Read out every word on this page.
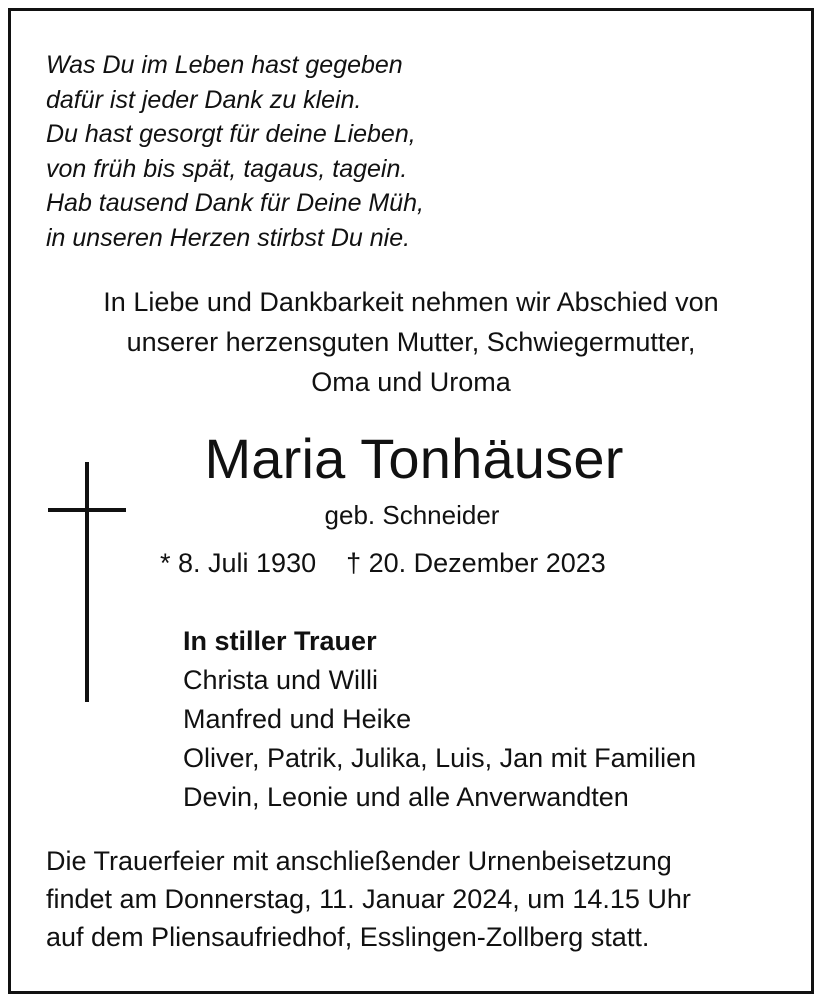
Was Du im Leben hast gegeben
dafür ist jeder Dank zu klein.
Du hast gesorgt für deine Lieben,
von früh bis spät, tagaus, tagein.
Hab tausend Dank für Deine Müh,
in unseren Herzen stirbst Du nie.
In Liebe und Dankbarkeit nehmen wir Abschied von
unserer herzensguten Mutter, Schwiegermutter,
Oma und Uroma
Maria Tonhäuser
geb. Schneider
* 8. Juli 1930 † 20. Dezember 2023
In stiller Trauer
Christa und Willi
Manfred und Heike
Oliver, Patrik, Julika, Luis, Jan mit Familien
Devin, Leonie und alle Anverwandten
Die Trauerfeier mit anschließender Urnenbeisetzung
findet am Donnerstag, 11. Januar 2024, um 14.15 Uhr
auf dem Pliensaufriedhof, Esslingen-Zollberg statt.
